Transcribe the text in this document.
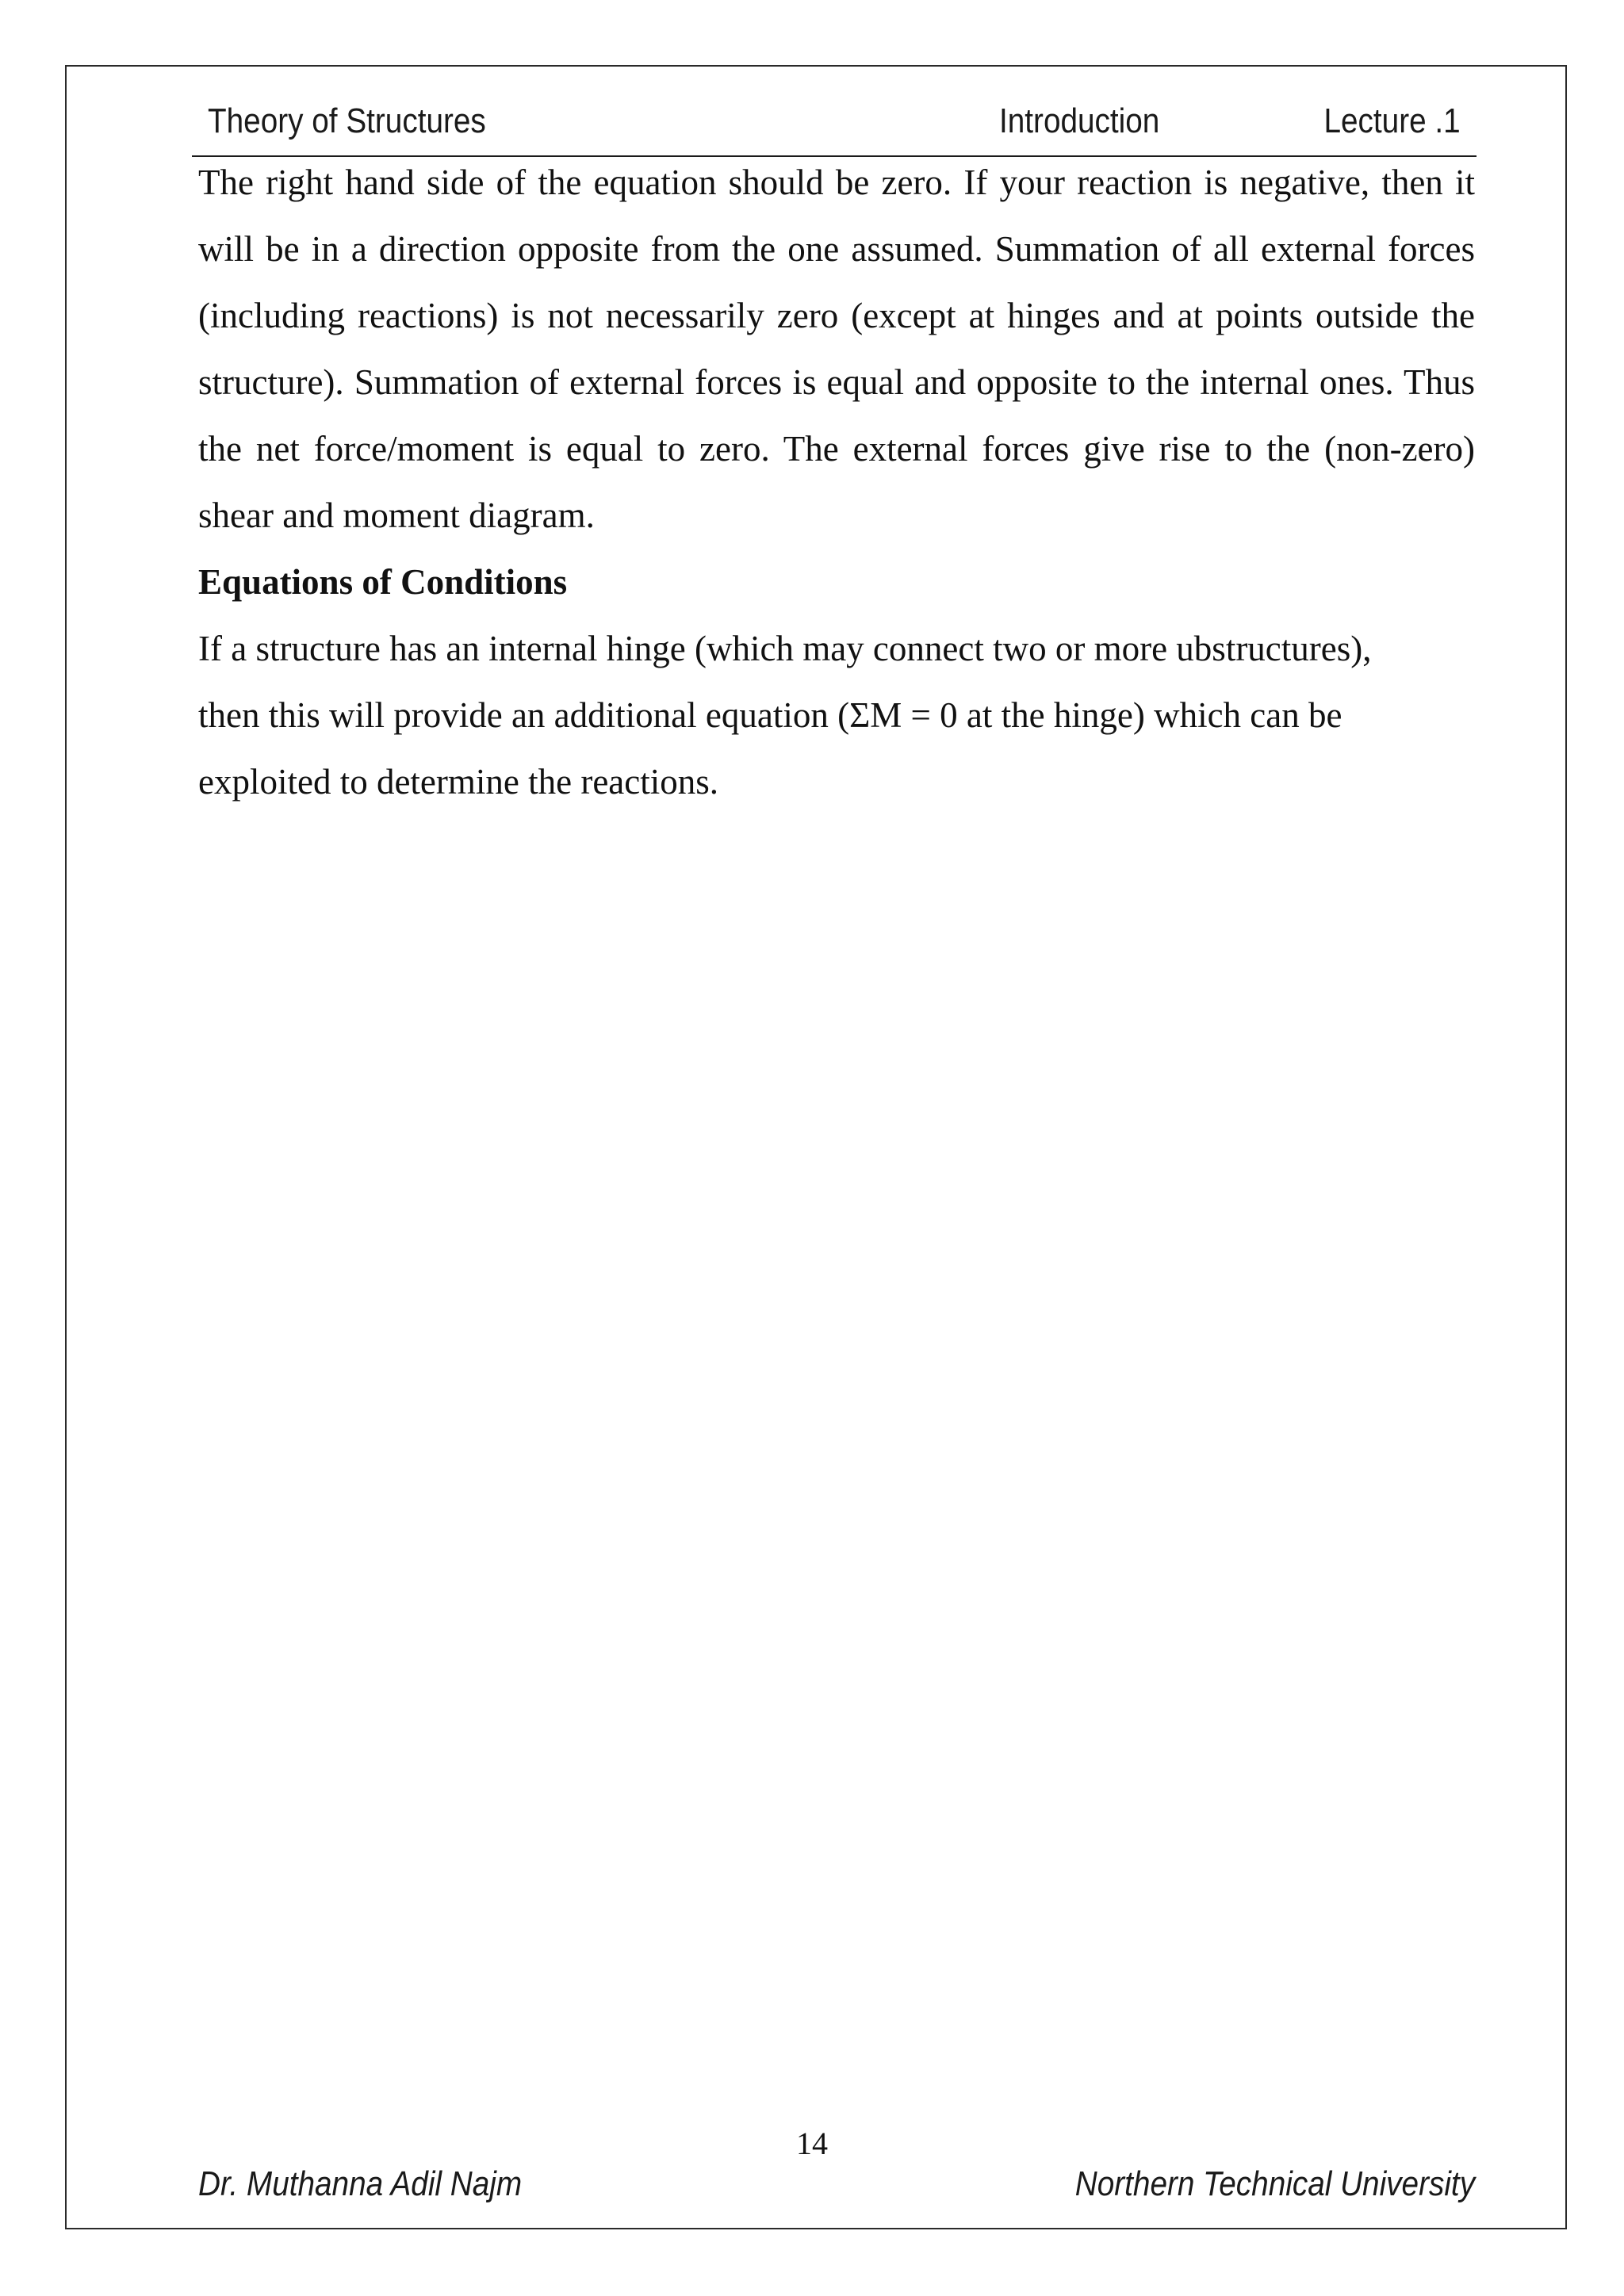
Theory of Structures	Introduction	Lecture .1

The right hand side of the equation should be zero. If your reaction is negative, then it will be in a direction opposite from the one assumed. Summation of all external forces (including reactions) is not necessarily zero (except at hinges and at points outside the structure). Summation of external forces is equal and opposite to the internal ones. Thus the net force/moment is equal to zero. The external forces give rise to the (non-zero) shear and moment diagram.

Equations of Conditions
If a structure has an internal hinge (which may connect two or more ubstructures),
then this will provide an additional equation (ΣM = 0 at the hinge) which can be
exploited to determine the reactions.
14
Dr. Muthanna Adil Najm	Northern Technical University
